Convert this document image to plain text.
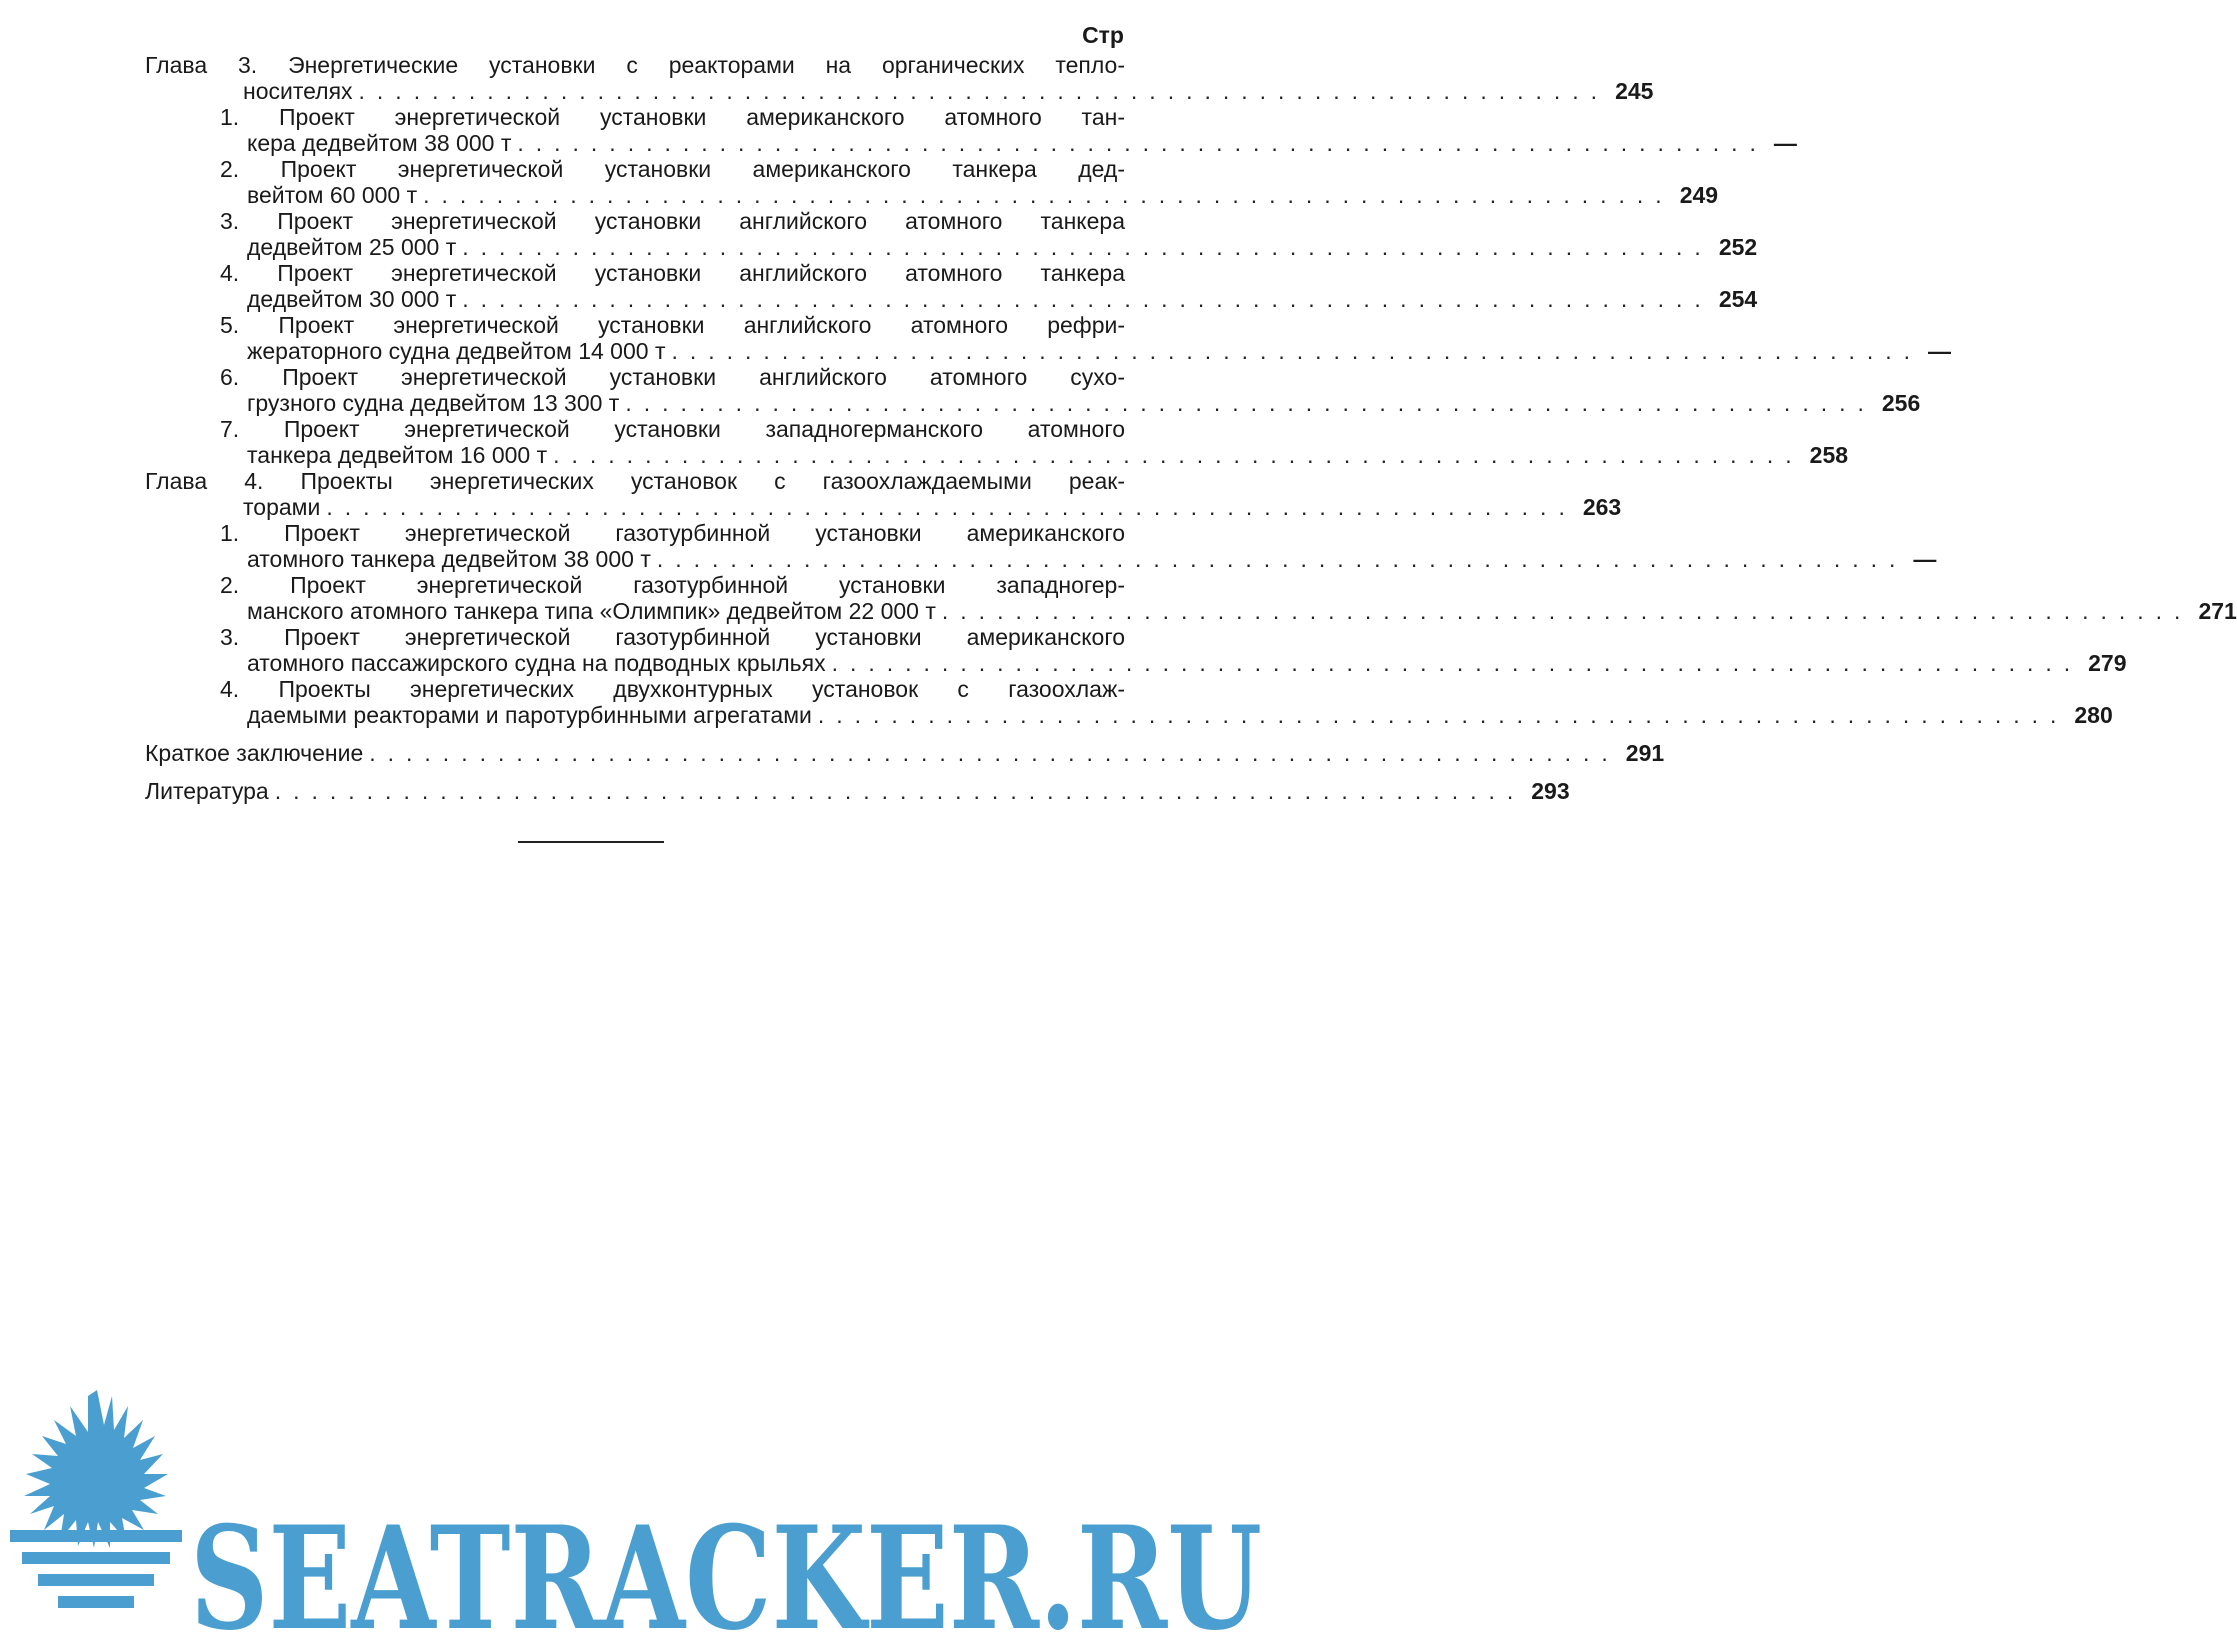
Стр
Глава 3. Энергетические установки с реакторами на органических тепло-
носителях .................................................................... 245
1. Проект энергетической установки американского атомного тан-
кера дедвейтом 38 000 т .................................................................... —
2. Проект энергетической установки американского танкера дед-
вейтом 60 000 т .................................................................... 249
3. Проект энергетической установки английского атомного танкера
дедвейтом 25 000 т .................................................................... 252
4. Проект энергетической установки английского атомного танкера
дедвейтом 30 000 т .................................................................... 254
5. Проект энергетической установки английского атомного рефри-
жераторного судна дедвейтом 14 000 т .................................................................... —
6. Проект энергетической установки английского атомного сухо-
грузного судна дедвейтом 13 300 т .................................................................... 256
7. Проект энергетической установки западногерманского атомного
танкера дедвейтом 16 000 т .................................................................... 258
Глава 4. Проекты энергетических установок с газоохлаждаемыми реак-
торами .................................................................... 263
1. Проект энергетической газотурбинной установки американского
атомного танкера дедвейтом 38 000 т .................................................................... —
2. Проект энергетической газотурбинной установки западногер-
манского атомного танкера типа «Олимпик» дедвейтом 22 000 т .................................................................... 271
3. Проект энергетической газотурбинной установки американского
атомного пассажирского судна на подводных крыльях .................................................................... 279
4. Проекты энергетических двухконтурных установок с газоохлаж-
даемыми реакторами и паротурбинными агрегатами .................................................................... 280
Краткое заключение .................................................................... 291
Литература .................................................................... 293
SEATRACKER.RU
